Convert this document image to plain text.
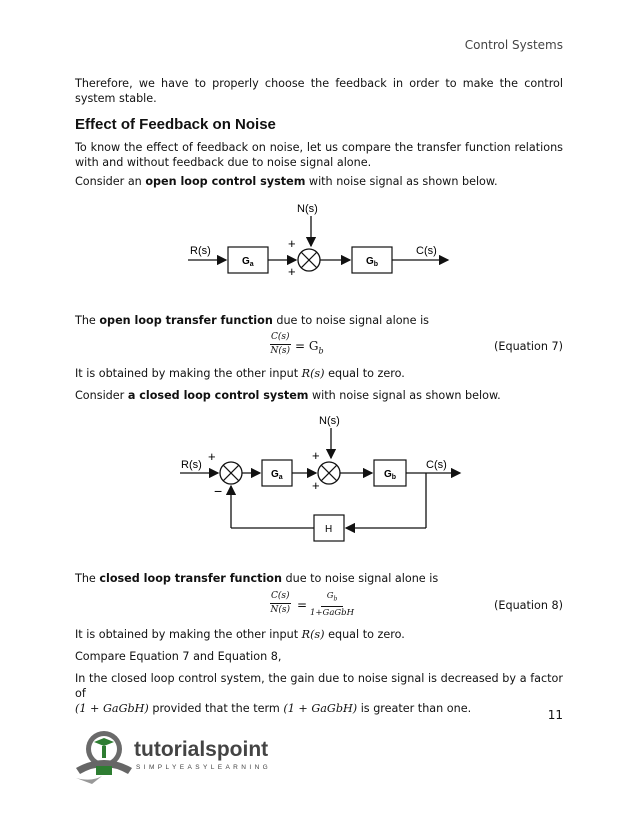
Control Systems
Therefore, we have to properly choose the feedback in order to make the control system stable.
Effect of Feedback on Noise
To know the effect of feedback on noise, let us compare the transfer function relations with and without feedback due to noise signal alone.
Consider an open loop control system with noise signal as shown below.
N(s)
R(s)
$G_a$
+
+
$G_b$
C(s)
The open loop transfer function due to noise signal alone is
$\frac{C(s)}{N(s)} = G_b$	(Equation 7)
It is obtained by making the other input R(s) equal to zero.
Consider a closed loop control system with noise signal as shown below.
N(s)
R(s)
+
−
$G_a$
+
+
$G_b$
C(s)
H
The closed loop transfer function due to noise signal alone is
$\frac{C(s)}{N(s)}$ =
$G_b$
1+GaGbH
(Equation 8)
It is obtained by making the other input R(s) equal to zero.
Compare Equation 7 and Equation 8,
In the closed loop control system, the gain due to noise signal is decreased by a factor of
(1 + GaGbH) provided that the term (1 + GaGbH) is greater than one.	11
tutorialspoint
SIMPLYEASYLEARNING
